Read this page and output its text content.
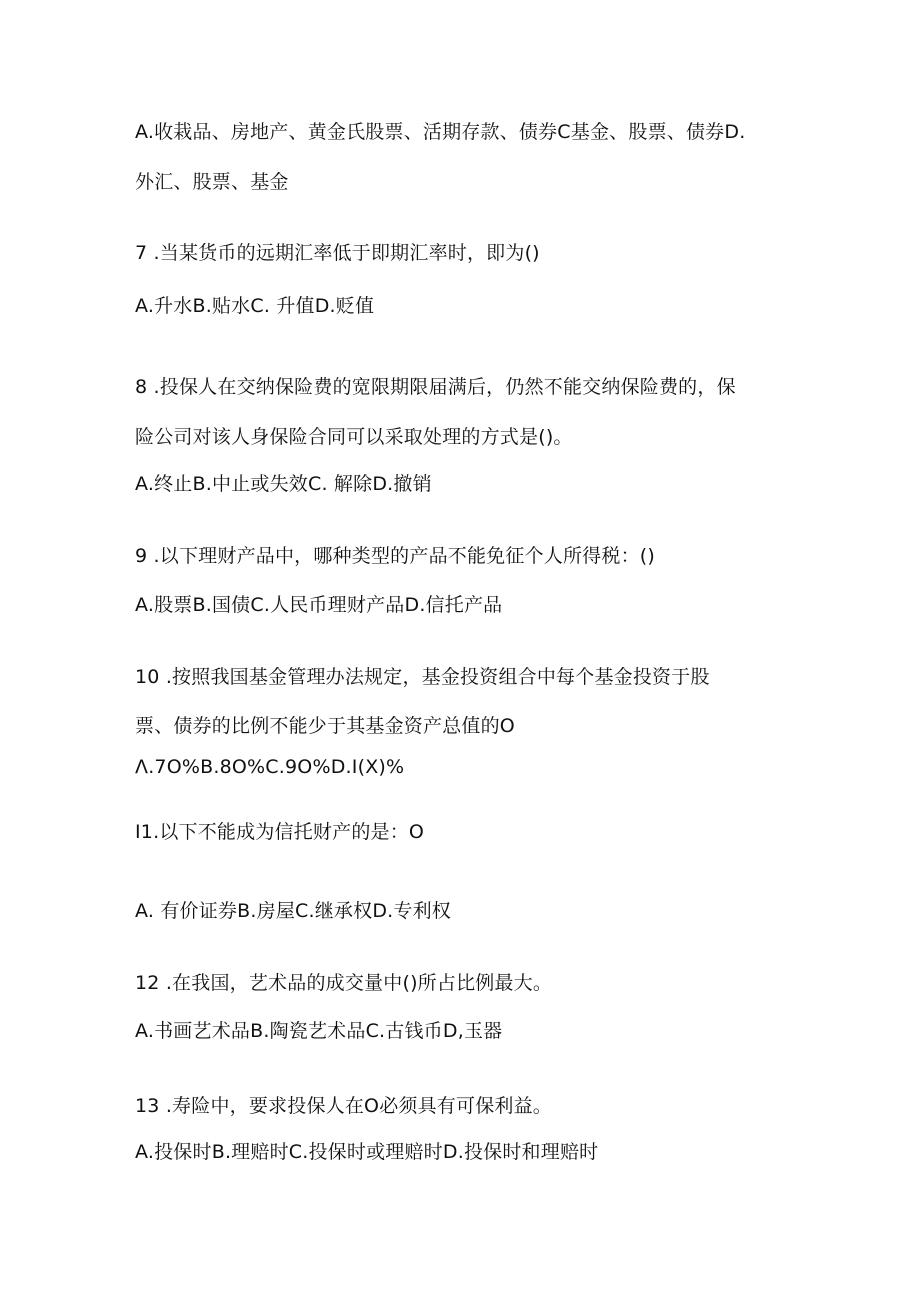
A.收栽品、房地产、黄金氏股票、活期存款、债券C基金、股票、债券D.
外汇、股票、基金
7 .当某货币的远期汇率低于即期汇率时，即为()
A.升水B.贴水C. 升值D.贬值
8 .投保人在交纳保险费的宽限期限届满后，仍然不能交纳保险费的，保
险公司对该人身保险合同可以采取处理的方式是()。
A.终止B.中止或失效C. 解除D.撤销
9 .以下理财产品中，哪种类型的产品不能免征个人所得税：()
A.股票B.国债C.人民币理财产品D.信托产品
10 .按照我国基金管理办法规定，基金投资组合中每个基金投资于股
票、债券的比例不能少于其基金资产总值的O
Λ.7O%B.8O%C.9O%D.I(X)%
I1.以下不能成为信托财产的是：O
A. 有价证券B.房屋C.继承权D.专利权
12 .在我国，艺术品的成交量中()所占比例最大。
A.书画艺术品B.陶瓷艺术品C.古钱币D,玉器
13 .寿险中，要求投保人在O必须具有可保利益。
A.投保时B.理赔时C.投保时或理赔时D.投保时和理赔时
